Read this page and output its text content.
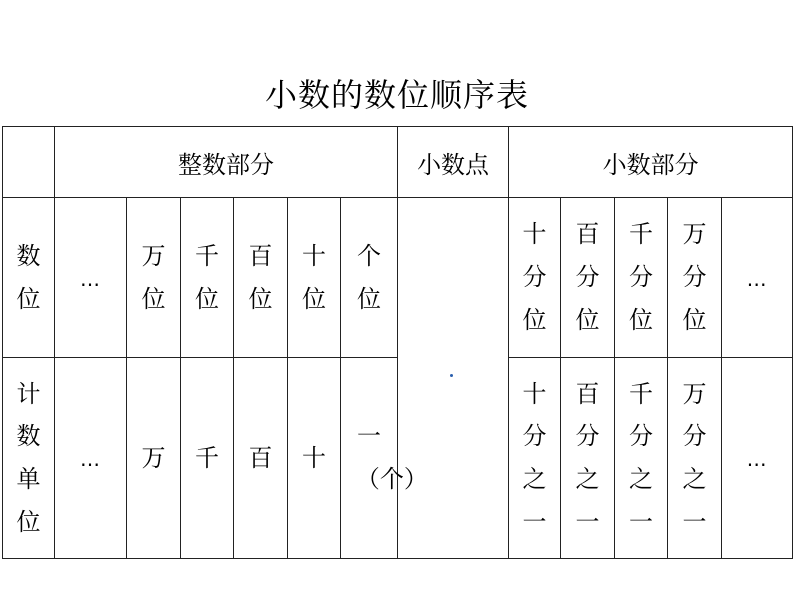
小数的数位顺序表
	整数部分						小数点	小数部分				
数位	…	万位	千位	百位	十位	个位		十分位	百分位	千分位	万分位	…
计数单位	…	万	千	百	十	一（个）		十分之一	百分之一	千分之一	万分之一	…
